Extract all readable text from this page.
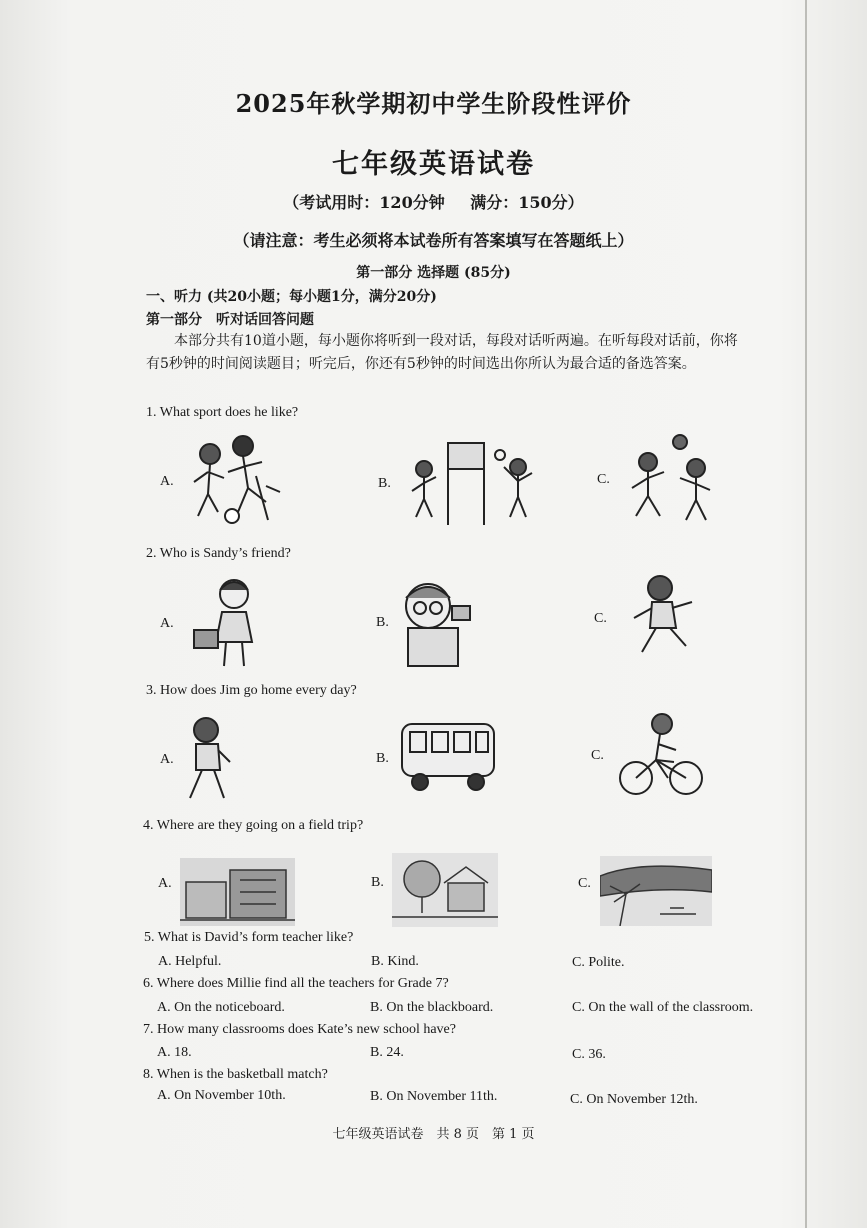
2025年秋学期初中学生阶段性评价
七年级英语试卷
（考试用时：120分钟 满分：150分）
（请注意：考生必须将本试卷所有答案填写在答题纸上）
第一部分 选择题 (85分)
一、听力 (共20小题；每小题1分，满分20分)
第一部分　听对话回答问题
本部分共有10道小题，每小题你将听到一段对话，每段对话听两遍。在听每段对话前，你将有5秒钟的时间阅读题目；听完后，你还有5秒钟的时间选出你所认为最合适的备选答案。
1. What sport does he like?
A.	B.	C.
2. Who is Sandy’s friend?
A.	B.	C.
3. How does Jim go home every day?
A.	B.	C.
4. Where are they going on a field trip?
A.	B.	C.
5. What is David’s form teacher like?
A. Helpful.	B. Kind.	C. Polite.
6. Where does Millie find all the teachers for Grade 7?
A. On the noticeboard.	B. On the blackboard.	C. On the wall of the classroom.
7. How many classrooms does Kate’s new school have?
A. 18.	B. 24.	C. 36.
8. When is the basketball match?
A. On November 10th.	B. On November 11th.	C. On November 12th.
七年级英语试卷　共 8 页　第 1 页
